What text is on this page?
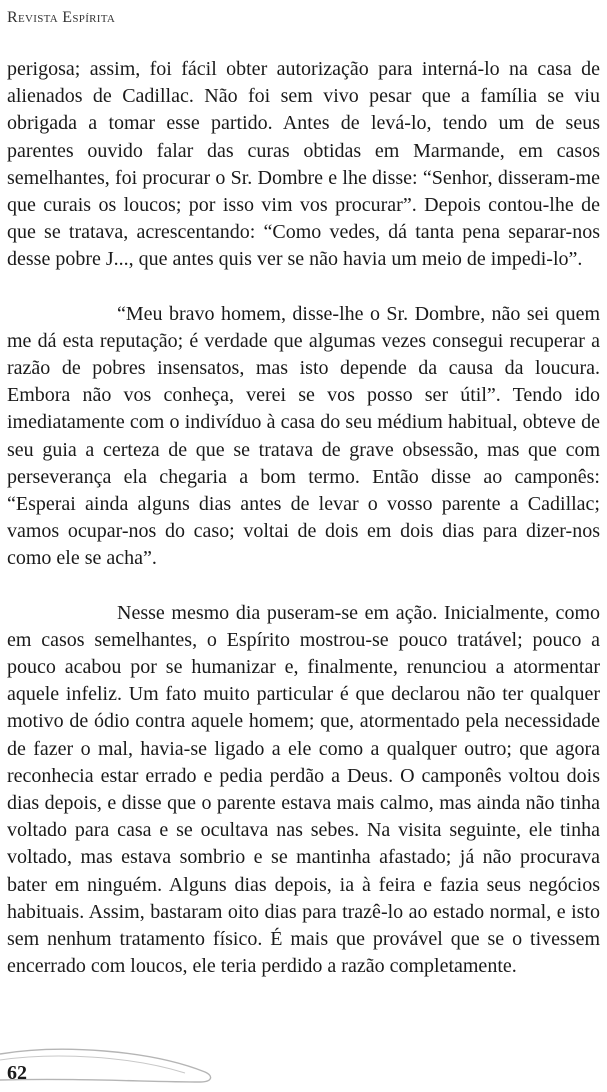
Revista Espírita

perigosa; assim, foi fácil obter autorização para interná-lo na casa de alienados de Cadillac. Não foi sem vivo pesar que a família se viu obrigada a tomar esse partido. Antes de levá-lo, tendo um de seus parentes ouvido falar das curas obtidas em Marmande, em casos semelhantes, foi procurar o Sr. Dombre e lhe disse: “Senhor, disseram-me que curais os loucos; por isso vim vos procurar”. Depois contou-lhe de que se tratava, acrescentando: “Como vedes, dá tanta pena separar-nos desse pobre J..., que antes quis ver se não havia um meio de impedi-lo”.

“Meu bravo homem, disse-lhe o Sr. Dombre, não sei quem me dá esta reputação; é verdade que algumas vezes consegui recuperar a razão de pobres insensatos, mas isto depende da causa da loucura. Embora não vos conheça, verei se vos posso ser útil”. Tendo ido imediatamente com o indivíduo à casa do seu médium habitual, obteve de seu guia a certeza de que se tratava de grave obsessão, mas que com perseverança ela chegaria a bom termo. Então disse ao camponês: “Esperai ainda alguns dias antes de levar o vosso parente a Cadillac; vamos ocupar-nos do caso; voltai de dois em dois dias para dizer-nos como ele se acha”.

Nesse mesmo dia puseram-se em ação. Inicialmente, como em casos semelhantes, o Espírito mostrou-se pouco tratável; pouco a pouco acabou por se humanizar e, finalmente, renunciou a atormentar aquele infeliz. Um fato muito particular é que declarou não ter qualquer motivo de ódio contra aquele homem; que, atormentado pela necessidade de fazer o mal, havia-se ligado a ele como a qualquer outro; que agora reconhecia estar errado e pedia perdão a Deus. O camponês voltou dois dias depois, e disse que o parente estava mais calmo, mas ainda não tinha voltado para casa e se ocultava nas sebes. Na visita seguinte, ele tinha voltado, mas estava sombrio e se mantinha afastado; já não procurava bater em ninguém. Alguns dias depois, ia à feira e fazia seus negócios habituais. Assim, bastaram oito dias para trazê-lo ao estado normal, e isto sem nenhum tratamento físico. É mais que provável que se o tivessem encerrado com loucos, ele teria perdido a razão completamente.

62
